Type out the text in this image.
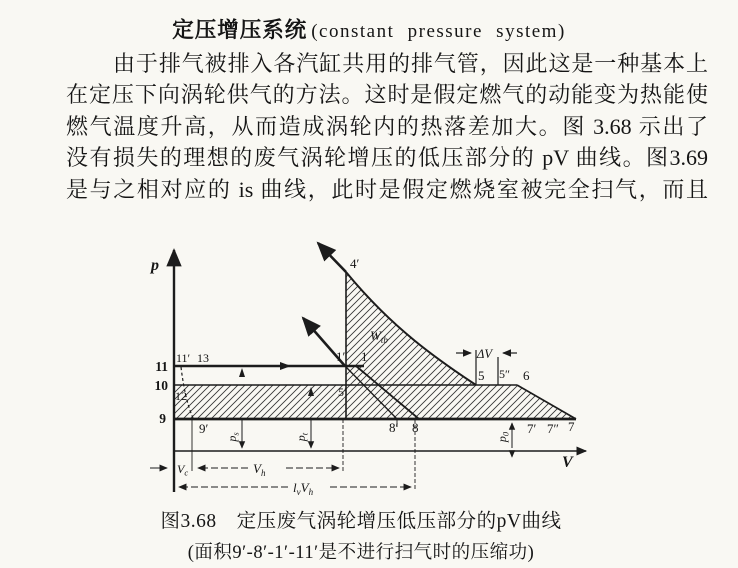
定压增压系统 (constant pressure system)
由于排气被排入各汽缸共用的排气管，因此这是一种基本上
在定压下向涡轮供气的方法。这时是假定燃气的动能变为热能使
燃气温度升高，从而造成涡轮内的热落差加大。图 3.68 示出了
没有损失的理想的废气涡轮增压的低压部分的 pV 曲线。图3.69
是与之相对应的 is 曲线，此时是假定燃烧室被完全扫气，而且
p
V
11
10
9
11′ 13
12
9′
4′
1′ 1
5′
5 5″ 6
8′ 8	7′ 7″ 7
ΔV
$W_{tb}$
$p_s$
$p_t$
$p_0$
$V_c$	$V_h$
$l_vV_h$
图3.68　定压废气涡轮增压低压部分的pV曲线
(面积9′-8′-1′-11′是不进行扫气时的压缩功)
